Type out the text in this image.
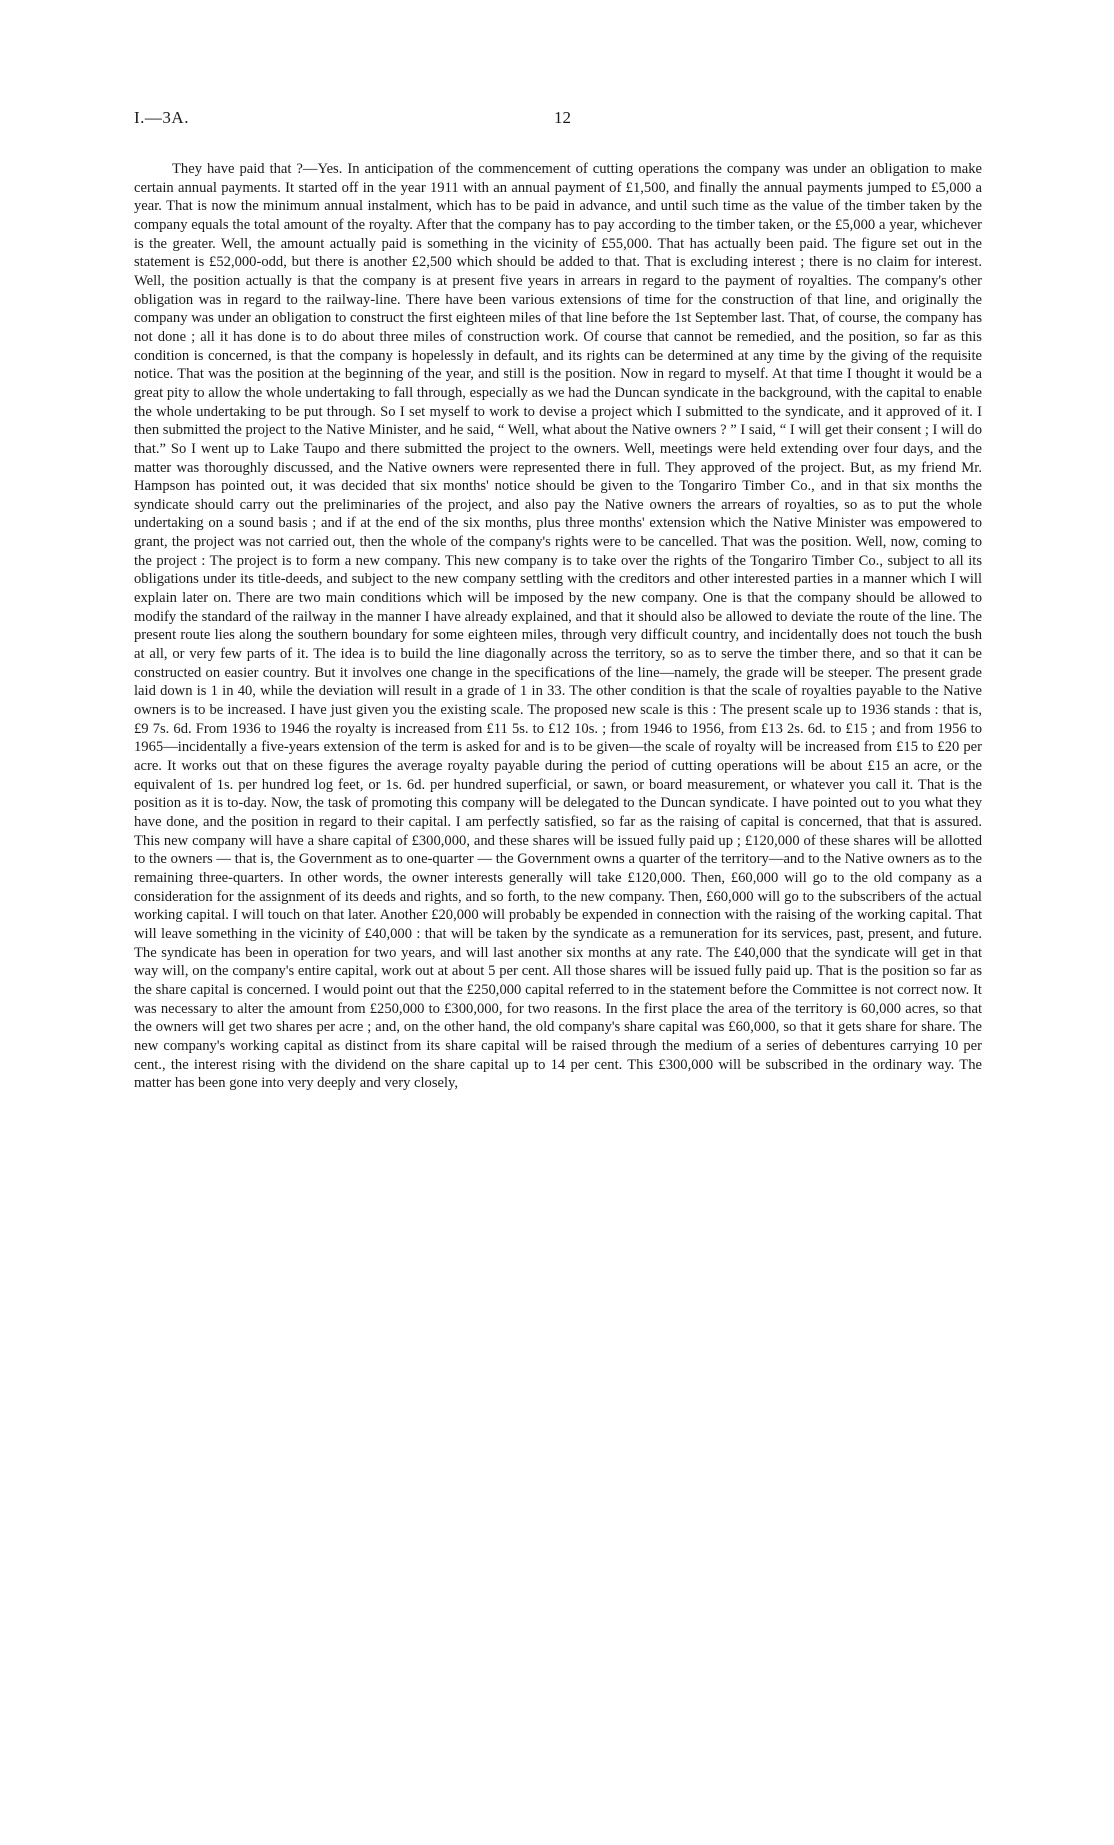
I.—3A.	12

They have paid that ?—Yes. In anticipation of the commencement of cutting operations the company was under an obligation to make certain annual payments. It started off in the year 1911 with an annual payment of £1,500, and finally the annual payments jumped to £5,000 a year. That is now the minimum annual instalment, which has to be paid in advance, and until such time as the value of the timber taken by the company equals the total amount of the royalty. After that the company has to pay according to the timber taken, or the £5,000 a year, whichever is the greater. Well, the amount actually paid is something in the vicinity of £55,000. That has actually been paid. The figure set out in the statement is £52,000-odd, but there is another £2,500 which should be added to that. That is excluding interest ; there is no claim for interest. Well, the position actually is that the company is at present five years in arrears in regard to the payment of royalties. The company's other obligation was in regard to the railway-line. There have been various extensions of time for the construction of that line, and originally the company was under an obligation to construct the first eighteen miles of that line before the 1st September last. That, of course, the company has not done ; all it has done is to do about three miles of construction work. Of course that cannot be remedied, and the position, so far as this condition is concerned, is that the company is hopelessly in default, and its rights can be determined at any time by the giving of the requisite notice. That was the position at the beginning of the year, and still is the position. Now in regard to myself. At that time I thought it would be a great pity to allow the whole undertaking to fall through, especially as we had the Duncan syndicate in the background, with the capital to enable the whole undertaking to be put through. So I set myself to work to devise a project which I submitted to the syndicate, and it approved of it. I then submitted the project to the Native Minister, and he said, “ Well, what about the Native owners ? ” I said, “ I will get their consent ; I will do that.” So I went up to Lake Taupo and there submitted the project to the owners. Well, meetings were held extending over four days, and the matter was thoroughly discussed, and the Native owners were represented there in full. They approved of the project. But, as my friend Mr. Hampson has pointed out, it was decided that six months' notice should be given to the Tongariro Timber Co., and in that six months the syndicate should carry out the preliminaries of the project, and also pay the Native owners the arrears of royalties, so as to put the whole undertaking on a sound basis ; and if at the end of the six months, plus three months' extension which the Native Minister was empowered to grant, the project was not carried out, then the whole of the company's rights were to be cancelled. That was the position. Well, now, coming to the project : The project is to form a new company. This new company is to take over the rights of the Tongariro Timber Co., subject to all its obligations under its title-deeds, and subject to the new company settling with the creditors and other interested parties in a manner which I will explain later on. There are two main conditions which will be imposed by the new company. One is that the company should be allowed to modify the standard of the railway in the manner I have already explained, and that it should also be allowed to deviate the route of the line. The present route lies along the southern boundary for some eighteen miles, through very difficult country, and incidentally does not touch the bush at all, or very few parts of it. The idea is to build the line diagonally across the territory, so as to serve the timber there, and so that it can be constructed on easier country. But it involves one change in the specifications of the line—namely, the grade will be steeper. The present grade laid down is 1 in 40, while the deviation will result in a grade of 1 in 33. The other condition is that the scale of royalties payable to the Native owners is to be increased. I have just given you the existing scale. The proposed new scale is this : The present scale up to 1936 stands : that is, £9 7s. 6d. From 1936 to 1946 the royalty is increased from £11 5s. to £12 10s. ; from 1946 to 1956, from £13 2s. 6d. to £15 ; and from 1956 to 1965—incidentally a five-years extension of the term is asked for and is to be given—the scale of royalty will be increased from £15 to £20 per acre. It works out that on these figures the average royalty payable during the period of cutting operations will be about £15 an acre, or the equivalent of 1s. per hundred log feet, or 1s. 6d. per hundred superficial, or sawn, or board measurement, or whatever you call it. That is the position as it is to-day. Now, the task of promoting this company will be delegated to the Duncan syndicate. I have pointed out to you what they have done, and the position in regard to their capital. I am perfectly satisfied, so far as the raising of capital is concerned, that that is assured. This new company will have a share capital of £300,000, and these shares will be issued fully paid up ; £120,000 of these shares will be allotted to the owners — that is, the Government as to one-quarter — the Government owns a quarter of the territory—and to the Native owners as to the remaining three-quarters. In other words, the owner interests generally will take £120,000. Then, £60,000 will go to the old company as a consideration for the assignment of its deeds and rights, and so forth, to the new company. Then, £60,000 will go to the subscribers of the actual working capital. I will touch on that later. Another £20,000 will probably be expended in connection with the raising of the working capital. That will leave something in the vicinity of £40,000 : that will be taken by the syndicate as a remuneration for its services, past, present, and future. The syndicate has been in operation for two years, and will last another six months at any rate. The £40,000 that the syndicate will get in that way will, on the company's entire capital, work out at about 5 per cent. All those shares will be issued fully paid up. That is the position so far as the share capital is concerned. I would point out that the £250,000 capital referred to in the statement before the Committee is not correct now. It was necessary to alter the amount from £250,000 to £300,000, for two reasons. In the first place the area of the territory is 60,000 acres, so that the owners will get two shares per acre ; and, on the other hand, the old company's share capital was £60,000, so that it gets share for share. The new company's working capital as distinct from its share capital will be raised through the medium of a series of debentures carrying 10 per cent., the interest rising with the dividend on the share capital up to 14 per cent. This £300,000 will be subscribed in the ordinary way. The matter has been gone into very deeply and very closely,
